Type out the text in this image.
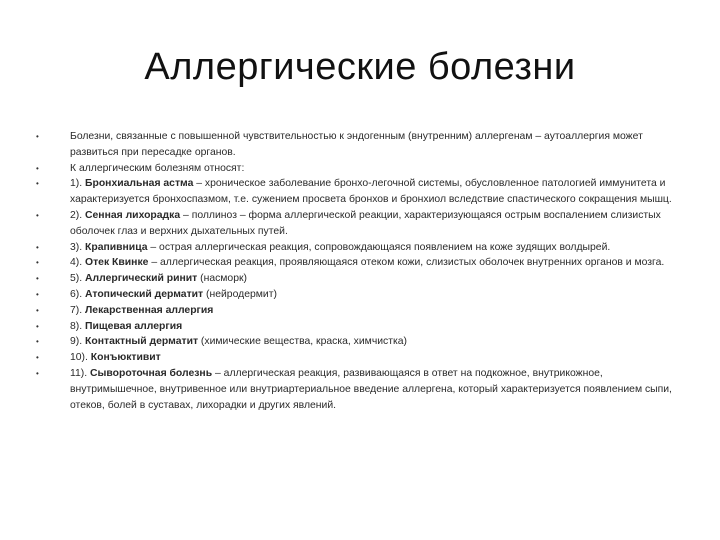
Аллергические болезни
•	Болезни, связанные с повышенной чувствительностью к эндогенным (внутренним) аллергенам – аутоаллергия может развиться при пересадке органов.
•	К аллергическим болезням относят:
•	1). Бронхиальная астма – хроническое заболевание бронхо-легочной системы, обусловленное патологией иммунитета и характеризуется бронхоспазмом, т.е. сужением просвета бронхов и бронхиол вследствие спастического сокращения мышц.
•	2). Сенная лихорадка – поллиноз – форма аллергической реакции, характеризующаяся острым воспалением слизистых оболочек глаз и верхних дыхательных путей.
•	3). Крапивница – острая аллергическая реакция, сопровождающаяся появлением на коже зудящих волдырей.
•	4). Отек Квинке – аллергическая реакция, проявляющаяся отеком кожи, слизистых оболочек внутренних органов и мозга.
•	5). Аллергический ринит (насморк)
•	6). Атопический дерматит (нейродермит)
•	7). Лекарственная аллергия
•	8). Пищевая аллергия
•	9). Контактный дерматит (химические вещества, краска, химчистка)
•	10). Конъюктивит
•	11). Сывороточная болезнь – аллергическая реакция, развивающаяся в ответ на подкожное, внутрикожное, внутримышечное, внутривенное или внутриартериальное введение аллергена, который характеризуется появлением сыпи, отеков, болей в суставах, лихорадки и других явлений.
